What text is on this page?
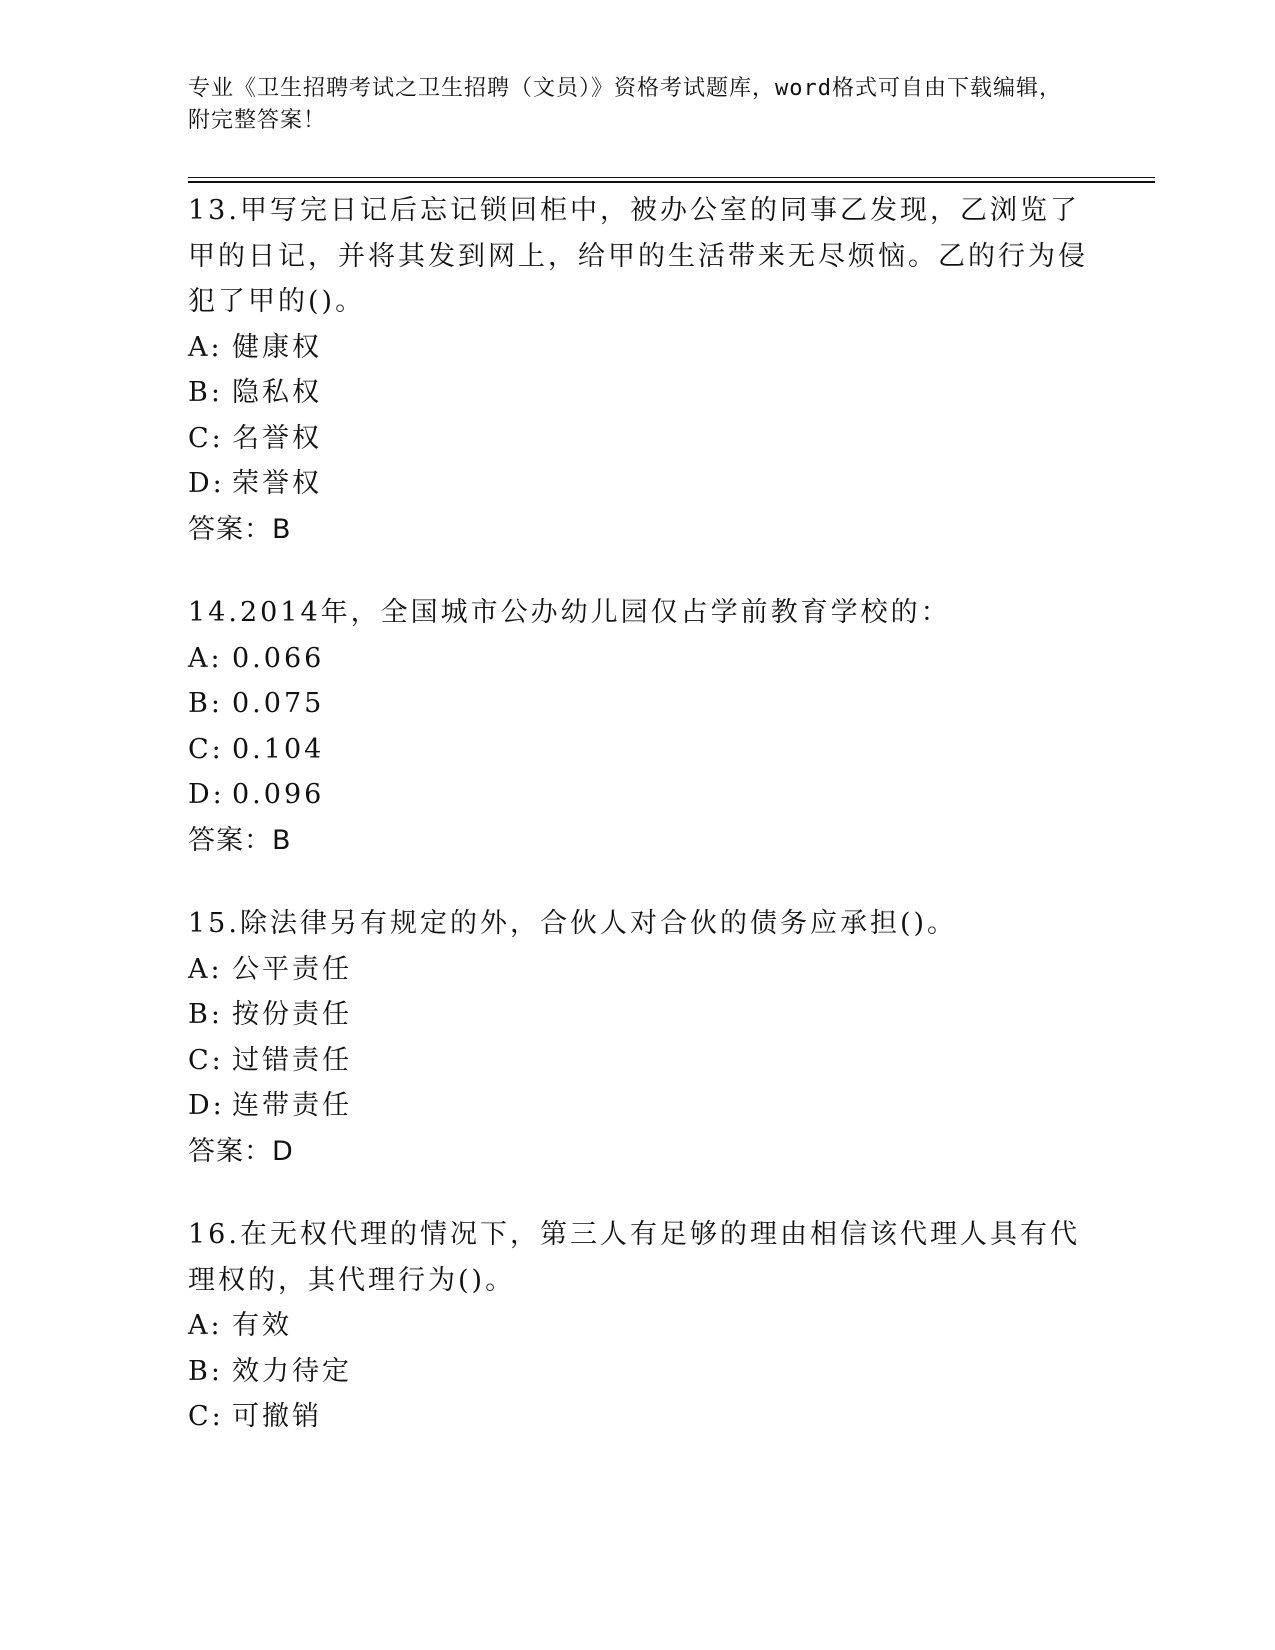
专业《卫生招聘考试之卫生招聘（文员）》资格考试题库，word格式可自由下载编辑，附完整答案！
13.甲写完日记后忘记锁回柜中，被办公室的同事乙发现，乙浏览了甲的日记，并将其发到网上，给甲的生活带来无尽烦恼。乙的行为侵犯了甲的()。
A: 健康权
B: 隐私权
C: 名誉权
D: 荣誉权
答案：B
14.2014年，全国城市公办幼儿园仅占学前教育学校的：
A: 0.066
B: 0.075
C: 0.104
D: 0.096
答案：B
15.除法律另有规定的外，合伙人对合伙的债务应承担()。
A: 公平责任
B: 按份责任
C: 过错责任
D: 连带责任
答案：D
16.在无权代理的情况下，第三人有足够的理由相信该代理人具有代理权的，其代理行为()。
A: 有效
B: 效力待定
C: 可撤销
